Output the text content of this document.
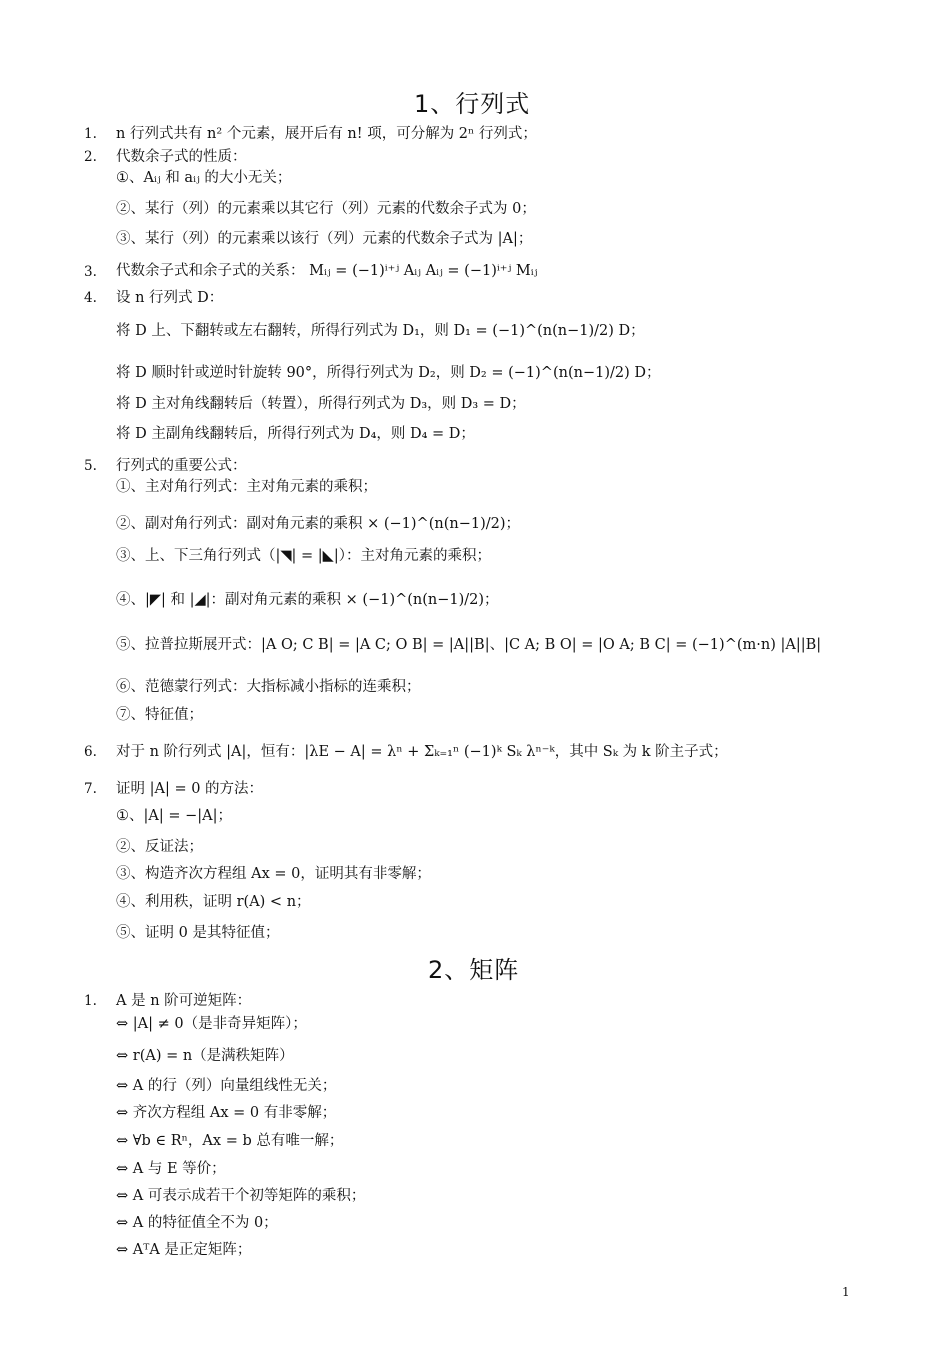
1、行列式
1. n 行列式共有 n² 个元素，展开后有 n! 项，可分解为 2ⁿ 行列式；
2. 代数余子式的性质：
①、Aᵢⱼ 和 aᵢⱼ 的大小无关；
②、某行（列）的元素乘以其它行（列）元素的代数余子式为 0；
③、某行（列）的元素乘以该行（列）元素的代数余子式为 |A|；
3. 代数余子式和余子式的关系： Mᵢⱼ = (−1)ⁱ⁺ʲ Aᵢⱼ Aᵢⱼ = (−1)ⁱ⁺ʲ Mᵢⱼ
4. 设 n 行列式 D：
将 D 上、下翻转或左右翻转，所得行列式为 D₁，则 D₁ = (−1)^(n(n−1)/2) D；
将 D 顺时针或逆时针旋转 90°，所得行列式为 D₂，则 D₂ = (−1)^(n(n−1)/2) D；
将 D 主对角线翻转后（转置），所得行列式为 D₃，则 D₃ = D；
将 D 主副角线翻转后，所得行列式为 D₄，则 D₄ = D；
5. 行列式的重要公式：
①、主对角行列式：主对角元素的乘积；
②、副对角行列式：副对角元素的乘积 × (−1)^(n(n−1)/2)；
③、上、下三角行列式（|◥| = |◣|）：主对角元素的乘积；
④、|◤| 和 |◢|：副对角元素的乘积 × (−1)^(n(n−1)/2)；
⑤、拉普拉斯展开式：|A O; C B| = |A C; O B| = |A||B|、|C A; B O| = |O A; B C| = (−1)^(m·n) |A||B|
⑥、范德蒙行列式：大指标减小指标的连乘积；
⑦、特征值；
6. 对于 n 阶行列式 |A|，恒有：|λE − A| = λⁿ + Σₖ₌₁ⁿ (−1)ᵏ Sₖ λⁿ⁻ᵏ，其中 Sₖ 为 k 阶主子式；
7. 证明 |A| = 0 的方法：
①、|A| = −|A|；
②、反证法；
③、构造齐次方程组 Ax = 0，证明其有非零解；
④、利用秩，证明 r(A) < n；
⑤、证明 0 是其特征值；
2、矩阵
1. A 是 n 阶可逆矩阵：
⇔ |A| ≠ 0（是非奇异矩阵）；
⇔ r(A) = n（是满秩矩阵）
⇔ A 的行（列）向量组线性无关；
⇔ 齐次方程组 Ax = 0 有非零解；
⇔ ∀b ∈ Rⁿ，Ax = b 总有唯一解；
⇔ A 与 E 等价；
⇔ A 可表示成若干个初等矩阵的乘积；
⇔ A 的特征值全不为 0；
⇔ AᵀA 是正定矩阵；
1
